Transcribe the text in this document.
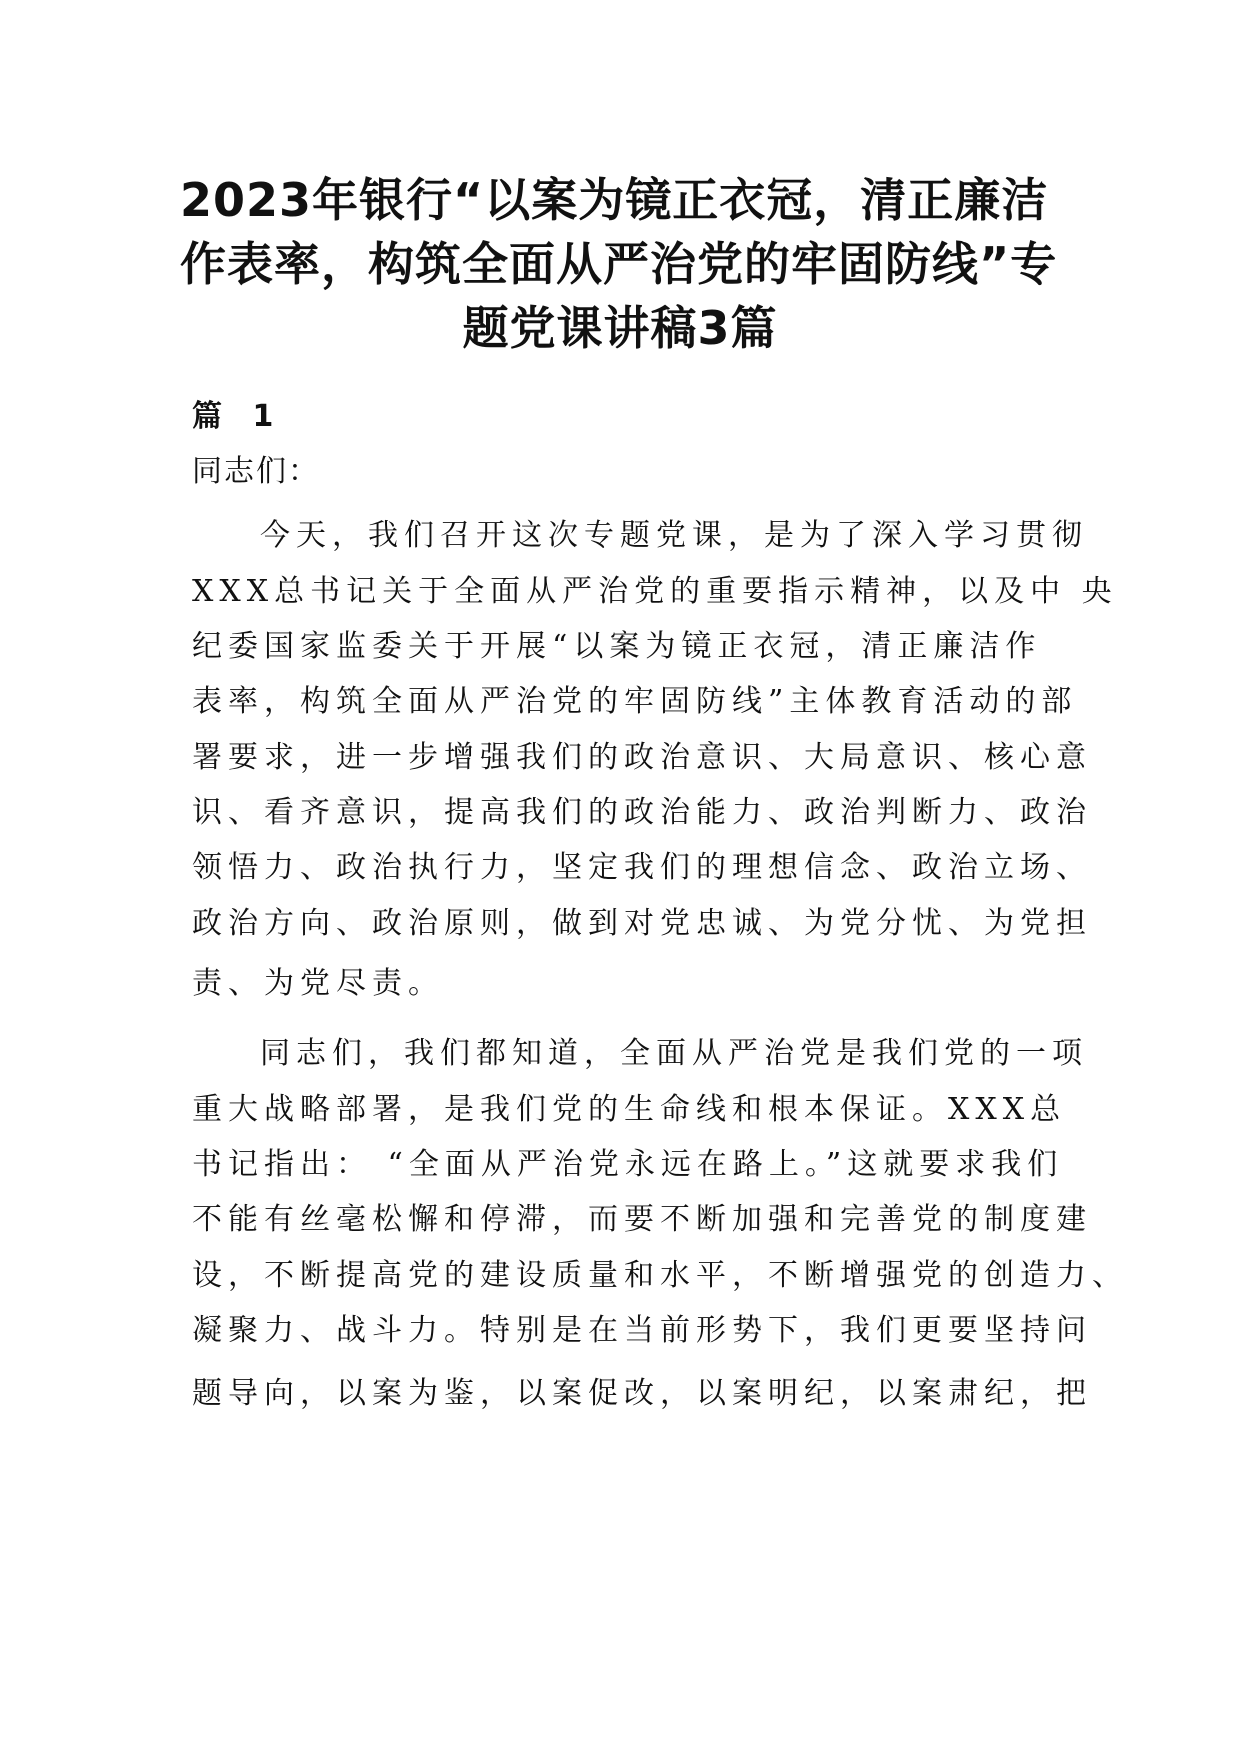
2023年银行“以案为镜正衣冠，清正廉洁
作表率，构筑全面从严治党的牢固防线”专
题党课讲稿3篇
篇 1

同志们：

今天，我们召开这次专题党课，是为了深入学习贯彻

XXX总书记关于全面从严治党的重要指示精神，以及中 央

纪委国家监委关于开展“以案为镜正衣冠，清正廉洁作

表率，构筑全面从严治党的牢固防线”主体教育活动的部

署要求，进一步增强我们的政治意识、大局意识、核心意

识、看齐意识，提高我们的政治能力、政治判断力、政治

领悟力、政治执行力，坚定我们的理想信念、政治立场、

政治方向、政治原则，做到对党忠诚、为党分忧、为党担

责、为党尽责。

同志们，我们都知道，全面从严治党是我们党的一项

重大战略部署，是我们党的生命线和根本保证。XXX总

书记指出： “全面从严治党永远在路上。”这就要求我们

不能有丝毫松懈和停滞，而要不断加强和完善党的制度建

设，不断提高党的建设质量和水平，不断增强党的创造力、

凝聚力、战斗力。特别是在当前形势下，我们更要坚持问

题导向，以案为鉴，以案促改，以案明纪，以案肃纪，把
